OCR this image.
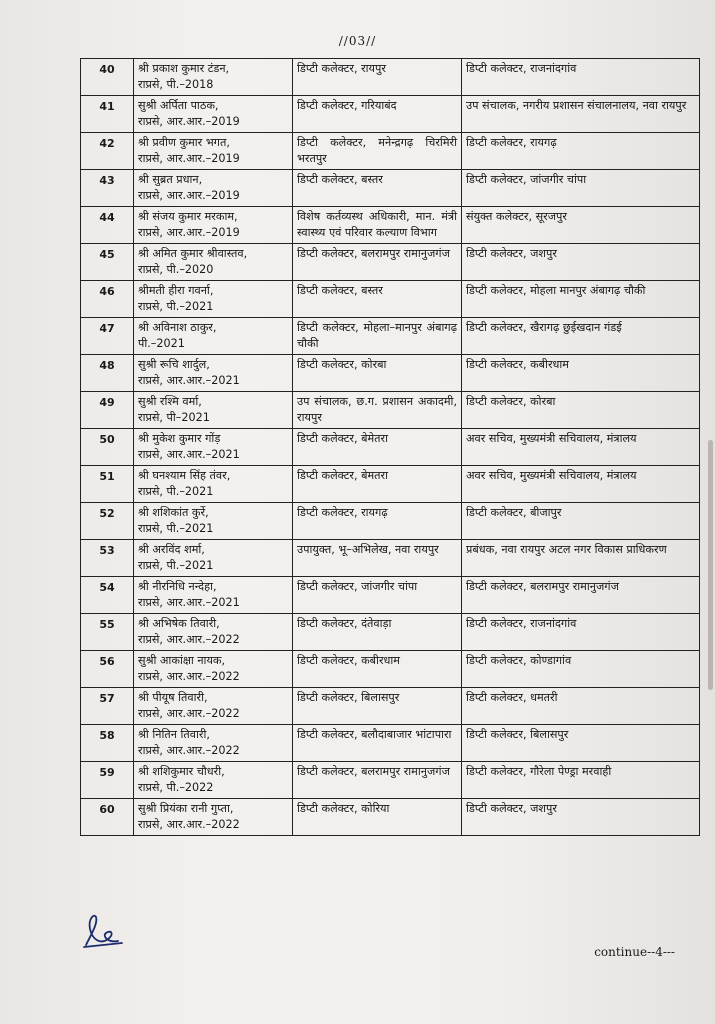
//03//
40	श्री प्रकाश कुमार टंडन,
राप्रसे, पी.–2018	डिप्टी कलेक्टर, रायपुर	डिप्टी कलेक्टर, राजनांदगांव
41	सुश्री अर्पिता पाठक,
राप्रसे, आर.आर.–2019	डिप्टी कलेक्टर, गरियाबंद	उप संचालक, नगरीय प्रशासन संचालनालय, नवा रायपुर
42	श्री प्रवीण कुमार भगत,
राप्रसे, आर.आर.–2019	डिप्टी कलेक्टर, मनेन्द्रगढ़ चिरमिरी भरतपुर	डिप्टी कलेक्टर, रायगढ़
43	श्री सुब्रत प्रधान,
राप्रसे, आर.आर.–2019	डिप्टी कलेक्टर, बस्तर	डिप्टी कलेक्टर, जांजगीर चांपा
44	श्री संजय कुमार मरकाम,
राप्रसे, आर.आर.–2019	विशेष कर्तव्यस्थ अधिकारी, मान. मंत्री स्वास्थ्य एवं परिवार कल्याण विभाग	संयुक्त कलेक्टर, सूरजपुर
45	श्री अमित कुमार श्रीवास्तव,
राप्रसे, पी.–2020	डिप्टी कलेक्टर, बलरामपुर रामानुजगंज	डिप्टी कलेक्टर, जशपुर
46	श्रीमती हीरा गवर्ना,
राप्रसे, पी.–2021	डिप्टी कलेक्टर, बस्तर	डिप्टी कलेक्टर, मोहला मानपुर अंबागढ़ चौकी
47	श्री अविनाश ठाकुर,
पी.–2021	डिप्टी कलेक्टर, मोहला–मानपुर अंबागढ़ चौकी	डिप्टी कलेक्टर, खैरागढ़ छुईखदान गंडई
48	सुश्री रूचि शार्दुल,
राप्रसे, आर.आर.–2021	डिप्टी कलेक्टर, कोरबा	डिप्टी कलेक्टर, कबीरधाम
49	सुश्री रश्मि वर्मा,
राप्रसे, पी–2021	उप संचालक, छ.ग. प्रशासन अकादमी, रायपुर	डिप्टी कलेक्टर, कोरबा
50	श्री मुकेश कुमार गोंड़
राप्रसे, आर.आर.–2021	डिप्टी कलेक्टर, बेमेतरा	अवर सचिव, मुख्यमंत्री सचिवालय, मंत्रालय
51	श्री घनश्याम सिंह तंवर,
राप्रसे, पी.–2021	डिप्टी कलेक्टर, बेमतरा	अवर सचिव, मुख्यमंत्री सचिवालय, मंत्रालय
52	श्री शशिकांत कुर्रे,
राप्रसे, पी.–2021	डिप्टी कलेक्टर, रायगढ़	डिप्टी कलेक्टर, बीजापुर
53	श्री अरविंद शर्मा,
राप्रसे, पी.–2021	उपायुक्त, भू–अभिलेख, नवा रायपुर	प्रबंधक, नवा रायपुर अटल नगर विकास प्राधिकरण
54	श्री नीरनिधि नन्देहा,
राप्रसे, आर.आर.–2021	डिप्टी कलेक्टर, जांजगीर चांपा	डिप्टी कलेक्टर, बलरामपुर रामानुजगंज
55	श्री अभिषेक तिवारी,
राप्रसे, आर.आर.–2022	डिप्टी कलेक्टर, दंतेवाड़ा	डिप्टी कलेक्टर, राजनांदगांव
56	सुश्री आकांक्षा नायक,
राप्रसे, आर.आर.–2022	डिप्टी कलेक्टर, कबीरधाम	डिप्टी कलेक्टर, कोण्डागांव
57	श्री पीयूष तिवारी,
राप्रसे, आर.आर.–2022	डिप्टी कलेक्टर, बिलासपुर	डिप्टी कलेक्टर, धमतरी
58	श्री नितिन तिवारी,
राप्रसे, आर.आर.–2022	डिप्टी कलेक्टर, बलौदाबाजार भांटापारा	डिप्टी कलेक्टर, बिलासपुर
59	श्री शशिकुमार चौधरी,
राप्रसे, पी.–2022	डिप्टी कलेक्टर, बलरामपुर रामानुजगंज	डिप्टी कलेक्टर, गौरेला पेण्ड्रा मरवाही
60	सुश्री प्रियंका रानी गुप्ता,
राप्रसे, आर.आर.–2022	डिप्टी कलेक्टर, कोरिया	डिप्टी कलेक्टर, जशपुर
continue--4---
